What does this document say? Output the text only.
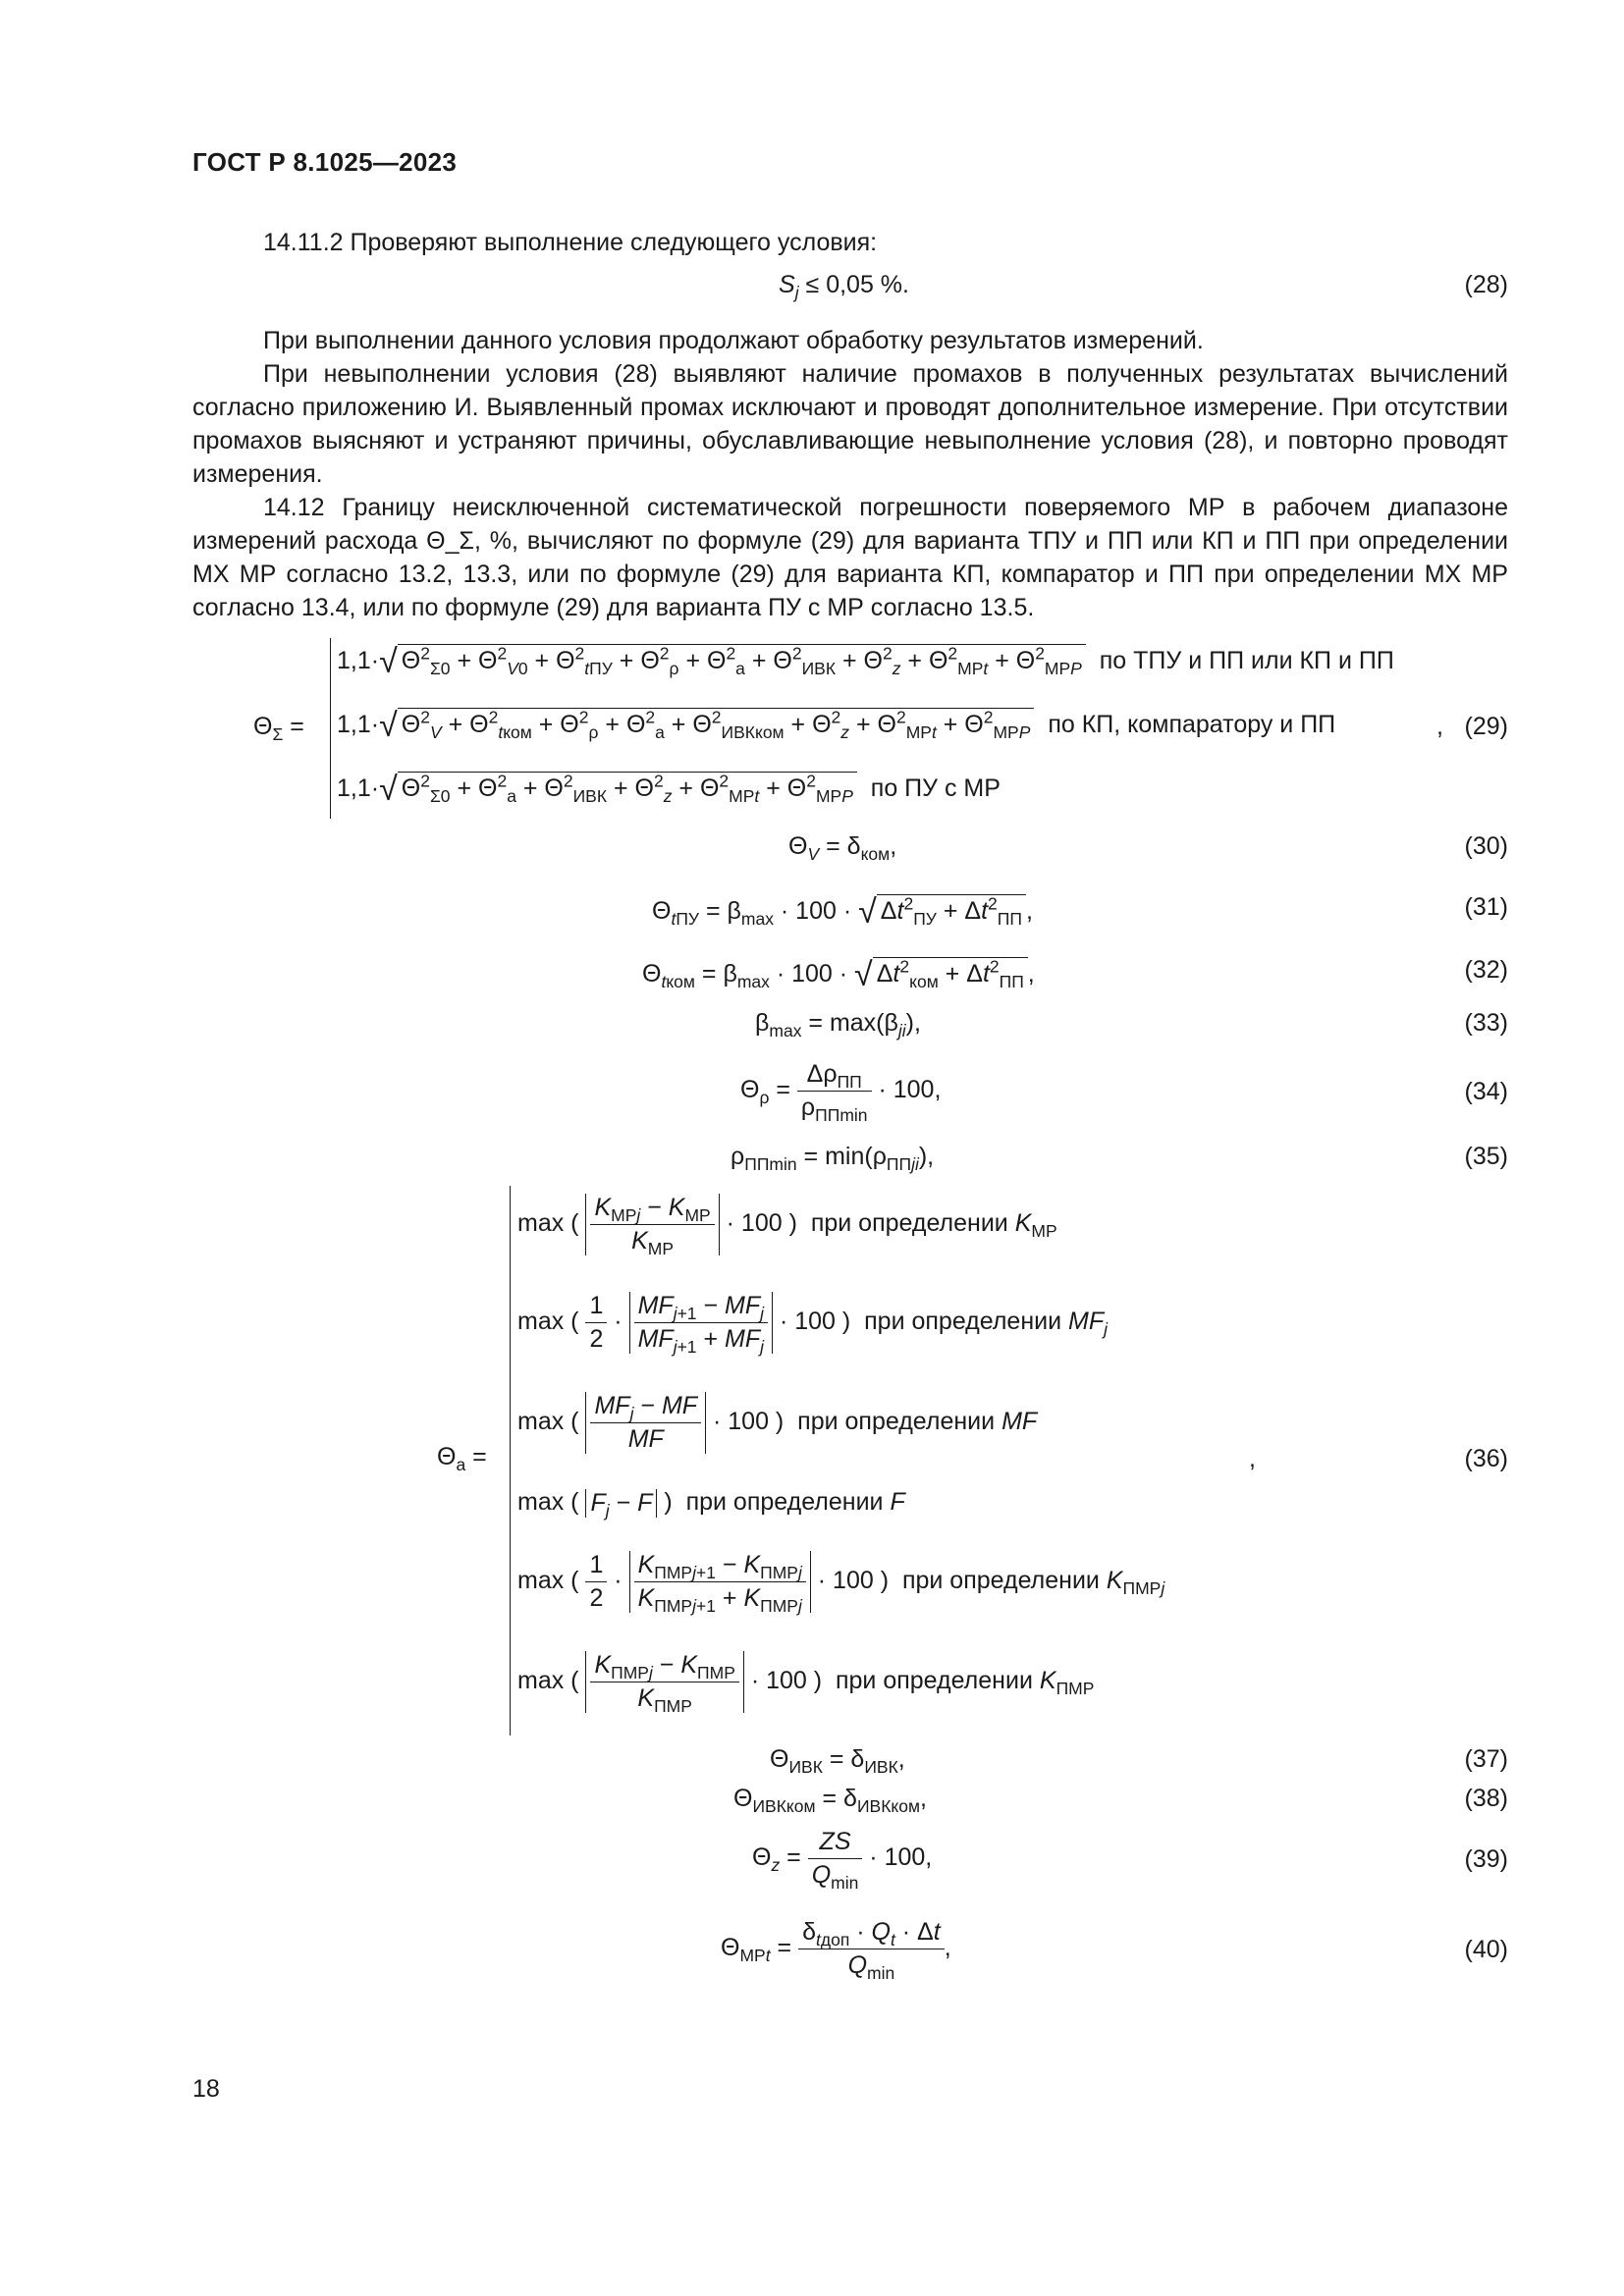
ГОСТ Р 8.1025—2023
14.11.2 Проверяют выполнение следующего условия:
$S_j \le 0,05$ %.	(28)
При выполнении данного условия продолжают обработку результатов измерений.
При невыполнении условия (28) выявляют наличие промахов в полученных результатах вычислений согласно приложению И. Выявленный промах исключают и проводят дополнительное измерение. При отсутствии промахов выясняют и устраняют причины, обуславливающие невыполнение условия (28), и повторно проводят измерения.
14.12 Границу неисключенной систематической погрешности поверяемого МР в рабочем диапазоне измерений расхода Θ_Σ, %, вычисляют по формуле (29) для варианта ТПУ и ПП или КП и ПП при определении МХ МР согласно 13.2, 13.3, или по формуле (29) для варианта КП, компаратор и ПП при определении МХ МР согласно 13.4, или по формуле (29) для варианта ПУ с МР согласно 13.5.
$\Theta_\Sigma$ =
1,1·√ $\Theta^2_{\Sigma 0} + \Theta^2_{V0} + \Theta^2_{tПУ} + \Theta^2_\rho + \Theta^2_a + \Theta^2_{ИВК} + \Theta^2_z + \Theta^2_{МРt} + \Theta^2_{МРP}$ по ТПУ и ПП или КП и ПП
1,1·√ $\Theta^2_V + \Theta^2_{tком} + \Theta^2_\rho + \Theta^2_a + \Theta^2_{ИВКком} + \Theta^2_z + \Theta^2_{МРt} + \Theta^2_{МРP}$ по КП, компаратору и ПП
1,1·√ $\Theta^2_{\Sigma 0} + \Theta^2_a + \Theta^2_{ИВК} + \Theta^2_z + \Theta^2_{МРt} + \Theta^2_{МРP}$ по ПУ с МР
, (29)
$\Theta_V = \delta_{ком}$,	(30)
$\Theta_{tПУ} = \beta_{max} \cdot 100$ · √ $\Delta t^2_{ПУ} + \Delta t^2_{ПП}$ ,	(31)
$\Theta_{tком} = \beta_{max} \cdot 100$ · √ $\Delta t^2_{ком} + \Delta t^2_{ПП}$ ,	(32)
$\beta_{max} = \max(\beta_{ji})$,	(33)
$\Theta_\rho = \frac{\Delta\rho_{ПП}}{\rho_{ППmin}} \cdot 100$,	(34)
$\rho_{ППmin} = \min(\rho_{ППji})$,	(35)
$\Theta_a$ =
max ( $\frac{K_{МРj} - K_{МР}}{K_{МР}} \cdot 100$ )  при определении $K_{МР}$
max ( $\frac{1}{2} \cdot \frac{MF_{j+1} - MF_j}{MF_{j+1} + MF_j} \cdot 100$ )  при определении $MF_j$
max ( $\frac{MF_j - MF}{MF} \cdot 100$ )  при определении MF
max ( $F_j - F$ )  при определении F
max ( $\frac{1}{2} \cdot \frac{K_{ПМРj+1} - K_{ПМРj}}{K_{ПМРj+1} + K_{ПМРj}} \cdot 100$ )  при определении $K_{ПМРj}$
max ( $\frac{K_{ПМРj} - K_{ПМР}}{K_{ПМР}} \cdot 100$ )  при определении $K_{ПМР}$
,	(36)
$\Theta_{ИВК} = \delta_{ИВК}$,	(37)
$\Theta_{ИВКком} = \delta_{ИВКком}$,	(38)
$\Theta_z = \frac{ZS}{Q_{min}} \cdot 100$,	(39)
$\Theta_{МРt} = \frac{\delta_{tдоп} \cdot Q_t \cdot \Delta t}{Q_{min}}$ ,	(40)
18
